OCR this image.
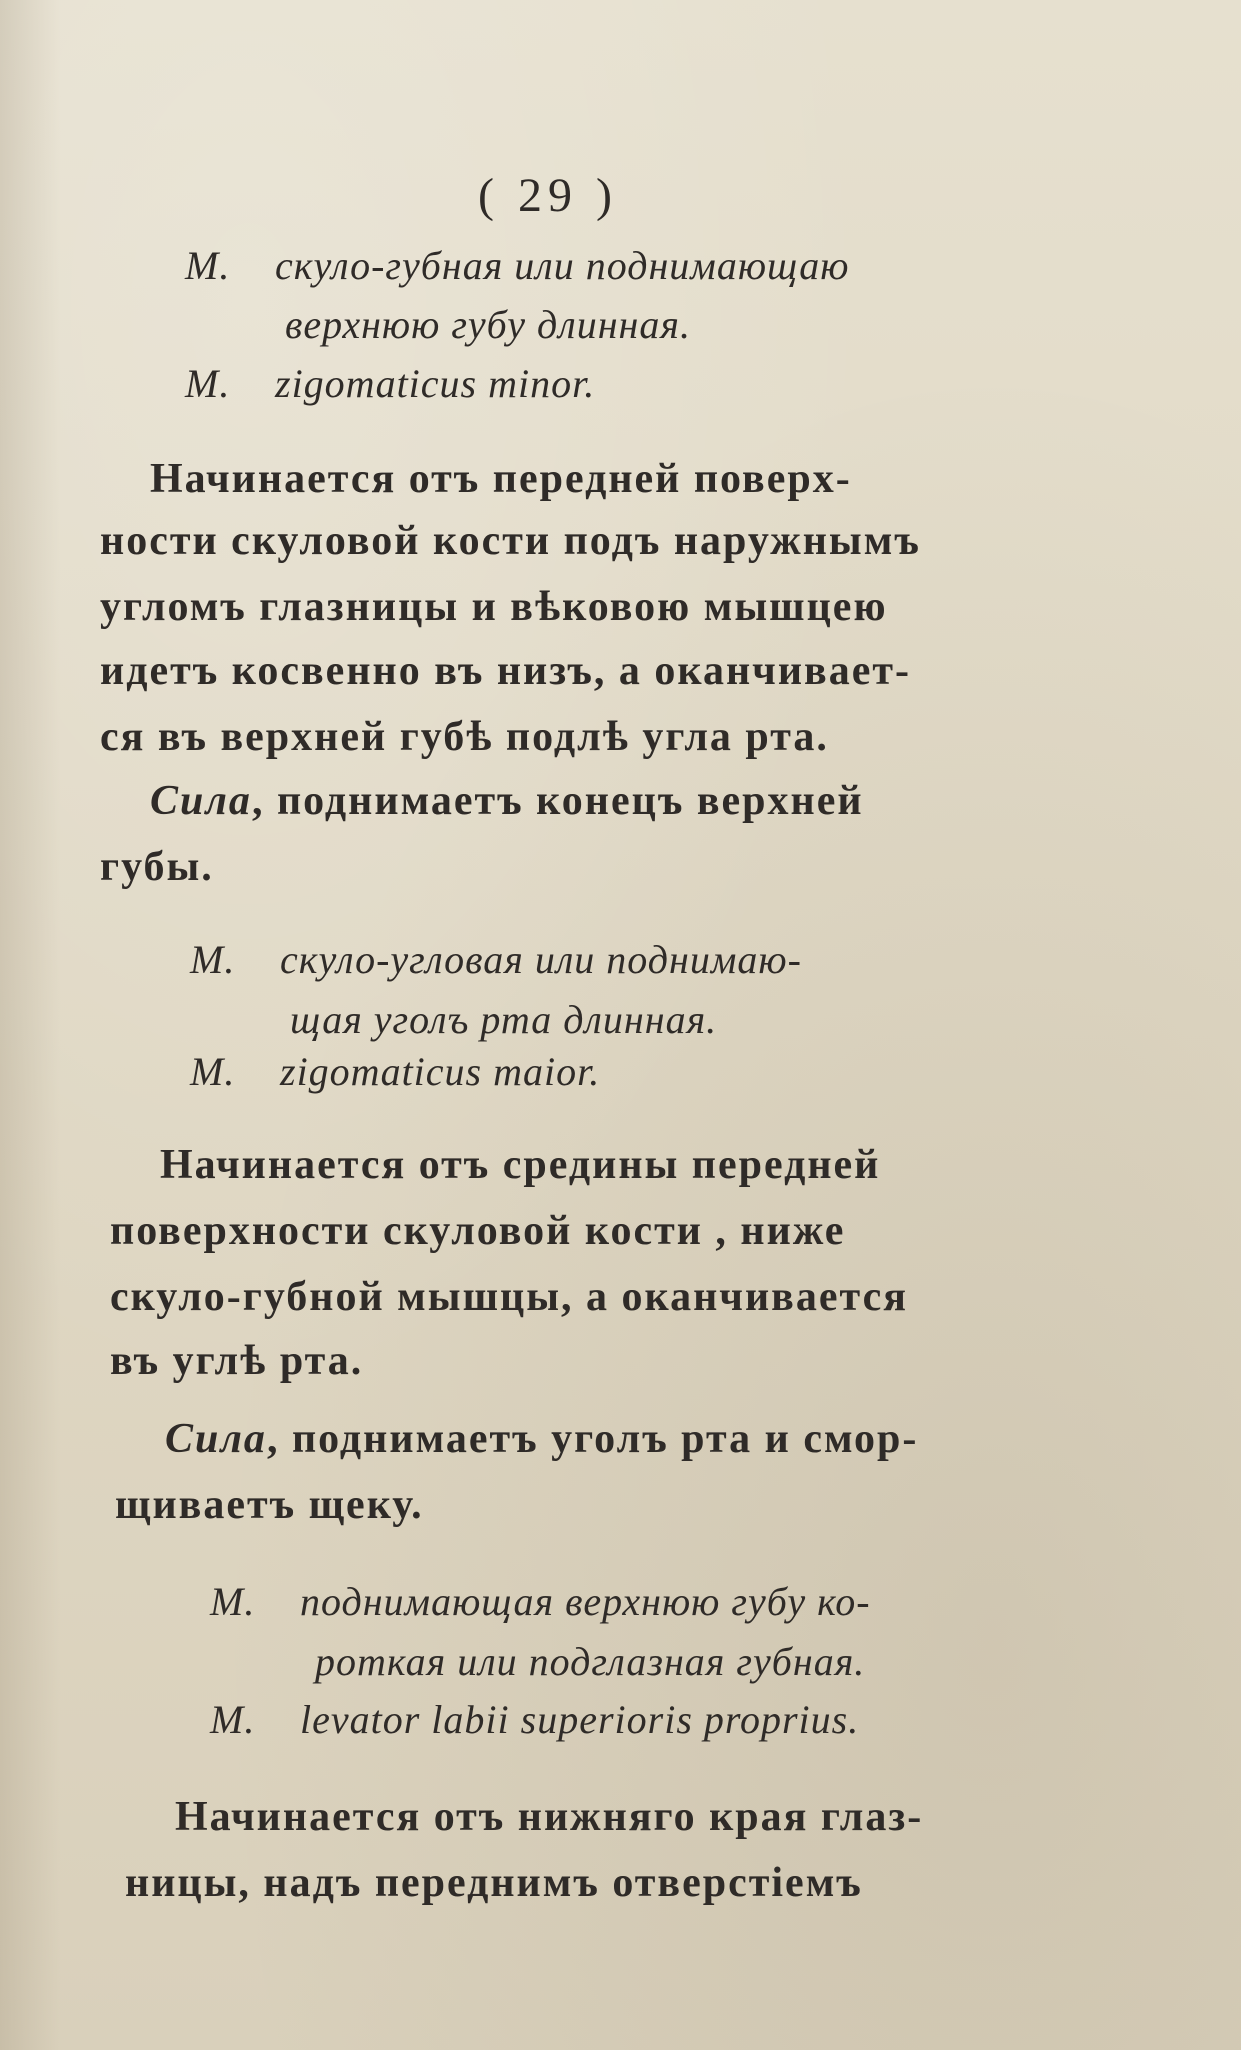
( 29 )
M. скуло-губная или поднимающаю
верхнюю губу длинная.
M. zigomaticus minor.
Начинается отъ передней поверх-
ности скуловой кости подъ наружнымъ
угломъ глазницы и вѣковою мышцею
идетъ косвенно въ низъ, а оканчивает-
ся въ верхней губѣ подлѣ угла рта.
Сила, поднимаетъ конецъ верхней
губы.
M. скуло-угловая или поднимаю-
щая уголъ рта длинная.
M. zigomaticus maior.
Начинается отъ средины передней
поверхности скуловой кости , ниже
скуло-губной мышцы, а оканчивается
въ углѣ рта.
Сила, поднимаетъ уголъ рта и смор-
щиваетъ щеку.
M. поднимающая верхнюю губу ко-
роткая или подглазная губная.
M. levator labii superioris proprius.
Начинается отъ нижняго края глаз-
ницы, надъ переднимъ отверстіемъ
